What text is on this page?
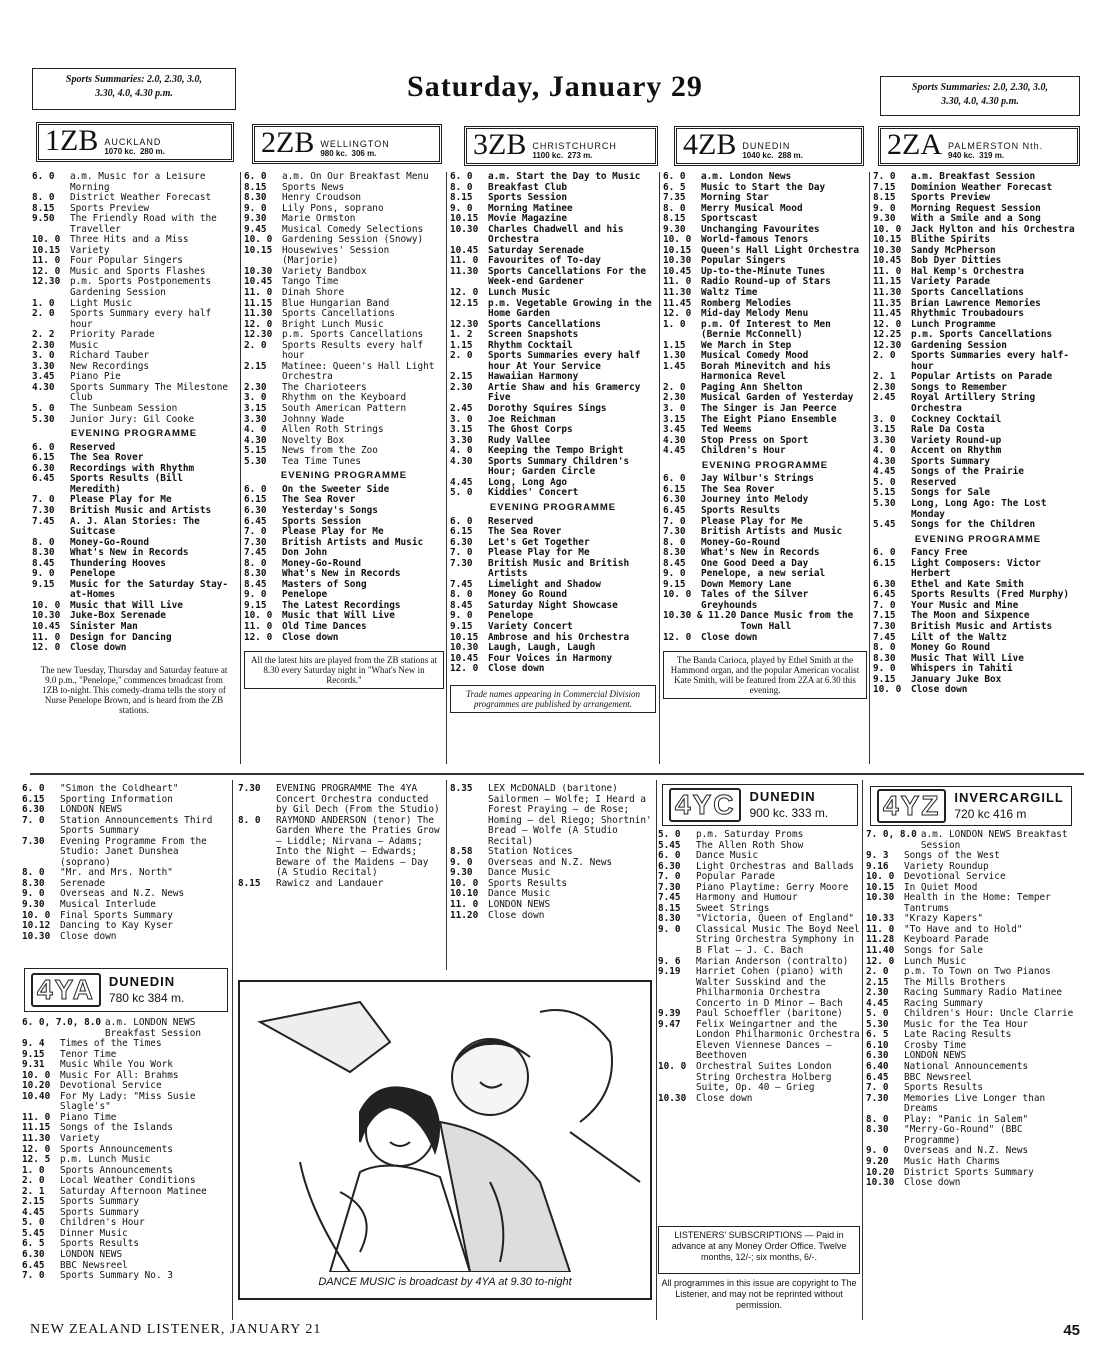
Sports Summaries: 2.0, 2.30, 3.0,
3.30, 4.0, 4.30 p.m.	Saturday, January 29	Sports Summaries: 2.0, 2.30, 3.0,
3.30, 4.0, 4.30 p.m.
1ZB AUCKLAND
1070 kc. 280 m.	2ZB WELLINGTON
980 kc. 306 m.	3ZB CHRISTCHURCH
1100 kc. 273 m.	4ZB DUNEDIN
1040 kc. 288 m.	2ZA PALMERSTON Nth.
940 kc. 319 m.
6. 0	a.m. Music for a Leisure Morning
8. 0	District Weather Forecast
8.15	Sports Preview
9.50	The Friendly Road with the Traveller
10. 0	Three Hits and a Miss
10.15	Variety
11. 0	Four Popular Singers
12. 0	Music and Sports Flashes
12.30	p.m. Sports Postponements Gardening Session
1. 0	Light Music
2. 0	Sports Summary every half hour
2. 2	Priority Parade
2.30	Music
3. 0	Richard Tauber
3.30	New Recordings
3.45	Piano Pie
4.30	Sports Summary The Milestone Club
5. 0	The Sunbeam Session
5.30	Junior Jury: Gil Cooke
EVENING PROGRAMME
6. 0	Reserved
6.15	The Sea Rover
6.30	Recordings with Rhythm
6.45	Sports Results (Bill Meredith)
7. 0	Please Play for Me
7.30	British Music and Artists
7.45	A. J. Alan Stories: The Suitcase
8. 0	Money-Go-Round
8.30	What's New in Records
8.45	Thundering Hooves
9. 0	Penelope
9.15	Music for the Saturday Stay-at-Homes
10. 0	Music that Will Live
10.30	Juke-Box Serenade
10.45	Sinister Man
11. 0	Design for Dancing
12. 0	Close down
The new Tuesday, Thursday and Saturday feature at 9.0 p.m., "Penelope," commences broadcast from 1ZB to-night. This comedy-drama tells the story of Nurse Penelope Brown, and is heard from the ZB stations.
6. 0	a.m. On Our Breakfast Menu
8.15	Sports News
8.30	Henry Croudson
9. 0	Lily Pons, soprano
9.30	Marie Ormston
9.45	Musical Comedy Selections
10. 0	Gardening Session (Snowy)
10.15	Housewives' Session (Marjorie)
10.30	Variety Bandbox
10.45	Tango Time
11. 0	Dinah Shore
11.15	Blue Hungarian Band
11.30	Sports Cancellations
12. 0	Bright Lunch Music
12.30	p.m. Sports Cancellations
2. 0	Sports Results every half hour
2.15	Matinee: Queen's Hall Light Orchestra
2.30	The Charioteers
3. 0	Rhythm on the Keyboard
3.15	South American Pattern
3.30	Johnny Wade
4. 0	Allen Roth Strings
4.30	Novelty Box
5.15	News from the Zoo
5.30	Tea Time Tunes
EVENING PROGRAMME
6. 0	On the Sweeter Side
6.15	The Sea Rover
6.30	Yesterday's Songs
6.45	Sports Session
7. 0	Please Play for Me
7.30	British Artists and Music
7.45	Don John
8. 0	Money-Go-Round
8.30	What's New in Records
8.45	Masters of Song
9. 0	Penelope
9.15	The Latest Recordings
10. 0	Music that Will Live
11. 0	Old Time Dances
12. 0	Close down
All the latest hits are played from the ZB stations at 8.30 every Saturday night in "What's New in Records."
6. 0	a.m. Start the Day to Music
8. 0	Breakfast Club
8.15	Sports Session
9. 0	Morning Matinee
10.15	Movie Magazine
10.30	Charles Chadwell and his Orchestra
10.45	Saturday Serenade
11. 0	Favourites of To-day
11.30	Sports Cancellations For the Week-end Gardener
12. 0	Lunch Music
12.15	p.m. Vegetable Growing in the Home Garden
12.30	Sports Cancellations
1. 2	Screen Snapshots
1.15	Rhythm Cocktail
2. 0	Sports Summaries every half hour At Your Service
2.15	Hawaiian Harmony
2.30	Artie Shaw and his Gramercy Five
2.45	Dorothy Squires Sings
3. 0	Joe Reichman
3.15	The Ghost Corps
3.30	Rudy Vallee
4. 0	Keeping the Tempo Bright
4.30	Sports Summary Children's Hour; Garden Circle
4.45	Long, Long Ago
5. 0	Kiddies' Concert
EVENING PROGRAMME
6. 0	Reserved
6.15	The Sea Rover
6.30	Let's Get Together
7. 0	Please Play for Me
7.30	British Music and British Artists
7.45	Limelight and Shadow
8. 0	Money Go Round
8.45	Saturday Night Showcase
9. 0	Penelope
9.15	Variety Concert
10.15	Ambrose and his Orchestra
10.30	Laugh, Laugh, Laugh
10.45	Four Voices in Harmony
12. 0	Close down
Trade names appearing in Commercial Division programmes are published by arrangement.
6. 0	a.m. London News
6. 5	Music to Start the Day
7.35	Morning Star
8. 0	Merry Musical Mood
8.15	Sportscast
9.30	Unchanging Favourites
10. 0	World-famous Tenors
10.15	Queen's Hall Light Orchestra
10.30	Popular Singers
10.45	Up-to-the-Minute Tunes
11. 0	Radio Round-up of Stars
11.30	Waltz Time
11.45	Romberg Melodies
12. 0	Mid-day Melody Menu
1. 0	p.m. Of Interest to Men (Bernie McConnell)
1.15	We March in Step
1.30	Musical Comedy Mood
1.45	Borah Minevitch and his Harmonica Revel
2. 0	Paging Ann Shelton
2.30	Musical Garden of Yesterday
3. 0	The Singer is Jan Peerce
3.15	The Eight Piano Ensemble
3.45	Ted Weems
4.30	Stop Press on Sport
4.45	Children's Hour
EVENING PROGRAMME
6. 0	Jay Wilbur's Strings
6.15	The Sea Rover
6.30	Journey into Melody
6.45	Sports Results
7. 0	Please Play for Me
7.30	British Artists and Music
8. 0	Money-Go-Round
8.30	What's New in Records
8.45	One Good Deed a Day
9. 0	Penelope, a new serial
9.15	Down Memory Lane
10. 0	Tales of the Silver Greyhounds
10.30 & 11.20 Dance Music from the Town Hall
12. 0	Close down
The Banda Carioca, played by Ethel Smith at the Hammond organ, and the popular American vocalist Kate Smith, will be featured from 2ZA at 6.30 this evening.
7. 0	a.m. Breakfast Session
7.15	Dominion Weather Forecast
8.15	Sports Preview
9. 0	Morning Request Session
9.30	With a Smile and a Song
10. 0	Jack Hylton and his Orchestra
10.15	Blithe Spirits
10.30	Sandy McPherson
10.45	Bob Dyer Ditties
11. 0	Hal Kemp's Orchestra
11.15	Variety Parade
11.30	Sports Cancellations
11.35	Brian Lawrence Memories
11.45	Rhythmic Troubadours
12. 0	Lunch Programme
12.25	p.m. Sports Cancellations
12.30	Gardening Session
2. 0	Sports Summaries every half-hour
2. 1	Popular Artists on Parade
2.30	Songs to Remember
2.45	Royal Artillery String Orchestra
3. 0	Cockney Cocktail
3.15	Rale Da Costa
3.30	Variety Round-up
4. 0	Accent on Rhythm
4.30	Sports Summary
4.45	Songs of the Prairie
5. 0	Reserved
5.15	Songs for Sale
5.30	Long, Long Ago: The Lost Monday
5.45	Songs for the Children
EVENING PROGRAMME
6. 0	Fancy Free
6.15	Light Composers: Victor Herbert
6.30	Ethel and Kate Smith
6.45	Sports Results (Fred Murphy)
7. 0	Your Music and Mine
7.15	The Moon and Sixpence
7.30	British Music and Artists
7.45	Lilt of the Waltz
8. 0	Money Go Round
8.30	Music That Will Live
9. 0	Whispers in Tahiti
9.15	January Juke Box
10. 0	Close down
6. 0	"Simon the Coldheart"
6.15	Sporting Information
6.30	LONDON NEWS
7. 0	Station Announcements Third Sports Summary
7.30	Evening Programme From the Studio: Janet Dunshea (soprano)
8. 0	"Mr. and Mrs. North"
8.30	Serenade
9. 0	Overseas and N.Z. News
9.30	Musical Interlude
10. 0	Final Sports Summary
10.12	Dancing to Kay Kyser
10.30	Close down
4YA	DUNEDIN
780 kc 384 m.
6. 0, 7.0, 8.0 a.m. LONDON NEWS Breakfast Session
9. 4	Times of the Times
9.15	Tenor Time
9.31	Music While You Work
10. 0	Music For All: Brahms
10.20	Devotional Service
10.40	For My Lady: "Miss Susie Slagle's"
11. 0	Piano Time
11.15	Songs of the Islands
11.30	Variety
12. 0	Sports Announcements
12. 5	p.m. Lunch Music
1. 0	Sports Announcements
2. 0	Local Weather Conditions
2. 1	Saturday Afternoon Matinee
2.15	Sports Summary
4.45	Sports Summary
5. 0	Children's Hour
5.45	Dinner Music
6. 5	Sports Results
6.30	LONDON NEWS
6.45	BBC Newsreel
7. 0	Sports Summary No. 3
7.30	EVENING PROGRAMME The 4YA Concert Orchestra conducted by Gil Dech (From the Studio)
8. 0	RAYMOND ANDERSON (tenor) The Garden Where the Praties Grow — Liddle; Nirvana — Adams; Into the Night — Edwards; Beware of the Maidens — Day (A Studio Recital)
8.15	Rawicz and Landauer
8.35	LEX McDONALD (baritone) Sailormen — Wolfe; I Heard a Forest Praying — de Rose; Homing — del Riego; Shortnin' Bread — Wolfe (A Studio Recital)
8.58	Station Notices
9. 0	Overseas and N.Z. News
9.30	Dance Music
10. 0	Sports Results
10.10	Dance Music
11. 0	LONDON NEWS
11.20	Close down
DANCE MUSIC is broadcast by 4YA at 9.30 to-night
4YC	DUNEDIN
900 kc. 333 m.
5. 0	p.m. Saturday Proms
5.45	The Allen Roth Show
6. 0	Dance Music
6.30	Light Orchestras and Ballads
7. 0	Popular Parade
7.30	Piano Playtime: Gerry Moore
7.45	Harmony and Humour
8.15	Sweet Strings
8.30	"Victoria, Queen of England"
9. 0	Classical Music The Boyd Neel String Orchestra Symphony in B Flat — J. C. Bach
9. 6	Marian Anderson (contralto)
9.19	Harriet Cohen (piano) with Walter Susskind and the Philharmonia Orchestra Concerto in D Minor — Bach
9.39	Paul Schoeffler (baritone)
9.47	Felix Weingartner and the London Philharmonic Orchestra Eleven Viennese Dances — Beethoven
10. 0	Orchestral Suites London String Orchestra Holberg Suite, Op. 40 — Grieg
10.30	Close down
LISTENERS' SUBSCRIPTIONS — Paid in advance at any Money Order Office. Twelve months, 12/-; six months, 6/-.
All programmes in this issue are copyright to The Listener, and may not be reprinted without permission.
4YZ	INVERCARGILL
720 kc 416 m
7. 0, 8.0 a.m. LONDON NEWS Breakfast Session
9. 3	Songs of the West
9.16	Variety Roundup
10. 0	Devotional Service
10.15	In Quiet Mood
10.30	Health in the Home: Temper Tantrums
10.33	"Krazy Kapers"
11. 0	"To Have and to Hold"
11.28	Keyboard Parade
11.40	Songs for Sale
12. 0	Lunch Music
2. 0	p.m. To Town on Two Pianos
2.15	The Mills Brothers
2.30	Racing Summary Radio Matinee
4.45	Racing Summary
5. 0	Children's Hour: Uncle Clarrie
5.30	Music for the Tea Hour
6. 5	Late Racing Results
6.10	Crosby Time
6.30	LONDON NEWS
6.40	National Announcements
6.45	BBC Newsreel
7. 0	Sports Results
7.30	Memories Live Longer than Dreams
8. 0	Play: "Panic in Salem"
8.30	"Merry-Go-Round" (BBC Programme)
9. 0	Overseas and N.Z. News
9.20	Music Hath Charms
10.20	District Sports Summary
10.30	Close down
NEW ZEALAND LISTENER, JANUARY 21	45
